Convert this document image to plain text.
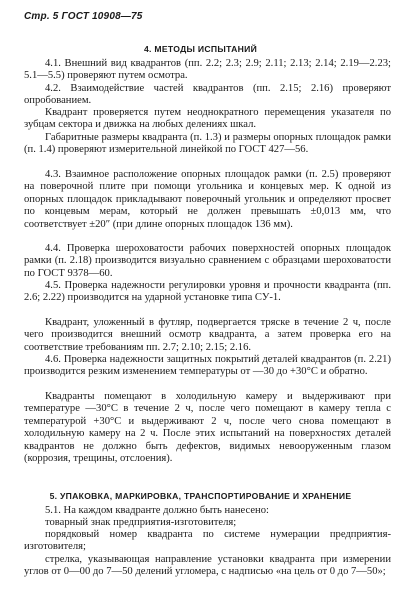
Стр. 5 ГОСТ 10908—75
4. МЕТОДЫ ИСПЫТАНИЙ

4.1. Внешний вид квадрантов (пп. 2.2; 2.3; 2.9; 2.11; 2.13; 2.14; 2.19—2.23; 5.1—5.5) проверяют путем осмотра.

4.2. Взаимодействие частей квадрантов (пп. 2.15; 2.16) проверяют опробованием.

Квадрант проверяется путем неоднократного перемещения указателя по зубцам сектора и движка на любых делениях шкал.

Габаритные размеры квадранта (п. 1.3) и размеры опорных площадок рамки (п. 1.4) проверяют измерительной линейкой по ГОСТ 427—56.

4.3. Взаимное расположение опорных площадок рамки (п. 2.5) проверяют на поверочной плите при помощи угольника и концевых мер. К одной из опорных площадок прикладывают поверочный угольник и определяют просвет по концевым мерам, который не должен превышать ±0,013 мм, что соответствует ±20″ (при длине опорных площадок 136 мм).

4.4. Проверка шероховатости рабочих поверхностей опорных площадок рамки (п. 2.18) производится визуально сравнением с образцами шероховатости по ГОСТ 9378—60.

4.5. Проверка надежности регулировки уровня и прочности квадранта (пп. 2.6; 2.22) производится на ударной установке типа СУ-1.

Квадрант, уложенный в футляр, подвергается тряске в течение 2 ч, после чего производится внешний осмотр квадранта, а затем проверка его на соответствие требованиям пп. 2.7; 2.10; 2.15; 2.16.

4.6. Проверка надежности защитных покрытий деталей квадрантов (п. 2.21) производится резким изменением температуры от —30 до +30°С и обратно.

Квадранты помещают в холодильную камеру и выдерживают при температуре —30°С в течение 2 ч, после чего помещают в камеру тепла с температурой +30°С и выдерживают 2 ч, после чего снова помещают в холодильную камеру на 2 ч. После этих испытаний на поверхностях деталей квадрантов не должно быть дефектов, видимых невооруженным глазом (коррозия, трещины, отслоения).

5. УПАКОВКА, МАРКИРОВКА, ТРАНСПОРТИРОВАНИЕ И ХРАНЕНИЕ

5.1. На каждом квадранте должно быть нанесено:

товарный знак предприятия-изготовителя;

порядковый номер квадранта по системе нумерации предприятия-изготовителя;

стрелка, указывающая направление установки квадранта при измерении углов от 0—00 до 7—50 делений угломера, с надписью «на цель от 0 до 7—50»;
